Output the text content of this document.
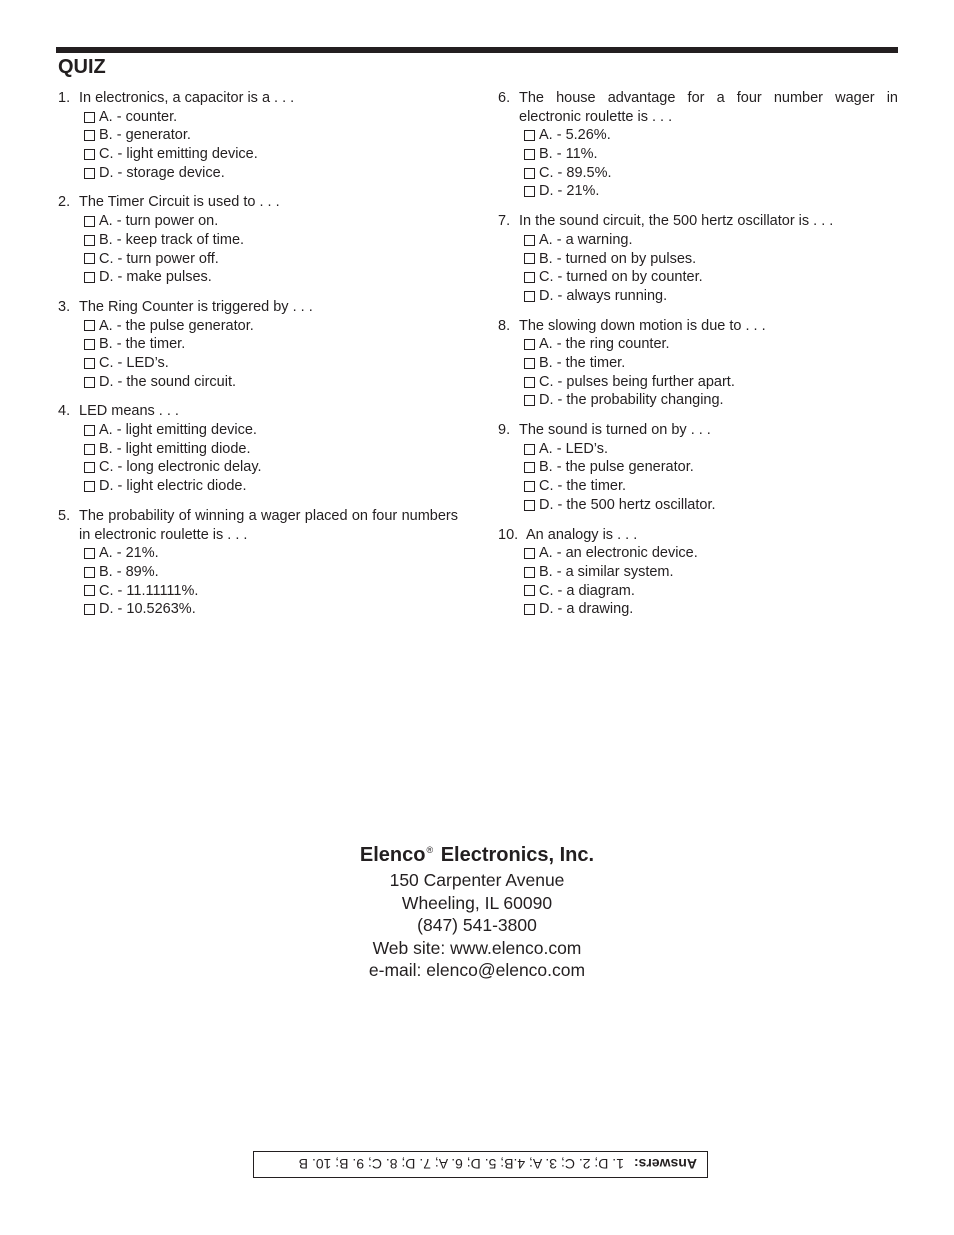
QUIZ
1. In electronics, a capacitor is a . . .
A. - counter.
B. - generator.
C. - light emitting device.
D. - storage device.
2. The Timer Circuit is used to . . .
A. - turn power on.
B. - keep track of time.
C. - turn power off.
D. - make pulses.
3. The Ring Counter is triggered by . . .
A. - the pulse generator.
B. - the timer.
C. - LED’s.
D. - the sound circuit.
4. LED means . . .
A. - light emitting device.
B. - light emitting diode.
C. - long electronic delay.
D. - light electric diode.
5. The probability of winning a wager placed on four numbers in electronic roulette is . . .
A. - 21%.
B. - 89%.
C. - 11.11111%.
D. - 10.5263%.
6. The house advantage for a four number wager in electronic roulette is . . .
A. - 5.26%.
B. - 11%.
C. - 89.5%.
D. - 21%.
7. In the sound circuit, the 500 hertz oscillator is . . .
A. - a warning.
B. - turned on by pulses.
C. - turned on by counter.
D. - always running.
8. The slowing down motion is due to . . .
A. - the ring counter.
B. - the timer.
C. - pulses being further apart.
D. - the probability changing.
9. The sound is turned on by . . .
A. - LED’s.
B. - the pulse generator.
C. - the timer.
D. - the 500 hertz oscillator.
10. An analogy is . . .
A. - an electronic device.
B. - a similar system.
C. - a diagram.
D. - a drawing.

Elenco® Electronics, Inc.

150 Carpenter Avenue

Wheeling, IL 60090

(847) 541-3800

Web site: www.elenco.com

e-mail: elenco@elenco.com

Answers:
1. D; 2. C; 3. A; 4.B; 5. D; 6. A; 7. D; 8. C; 9. B; 10. B
